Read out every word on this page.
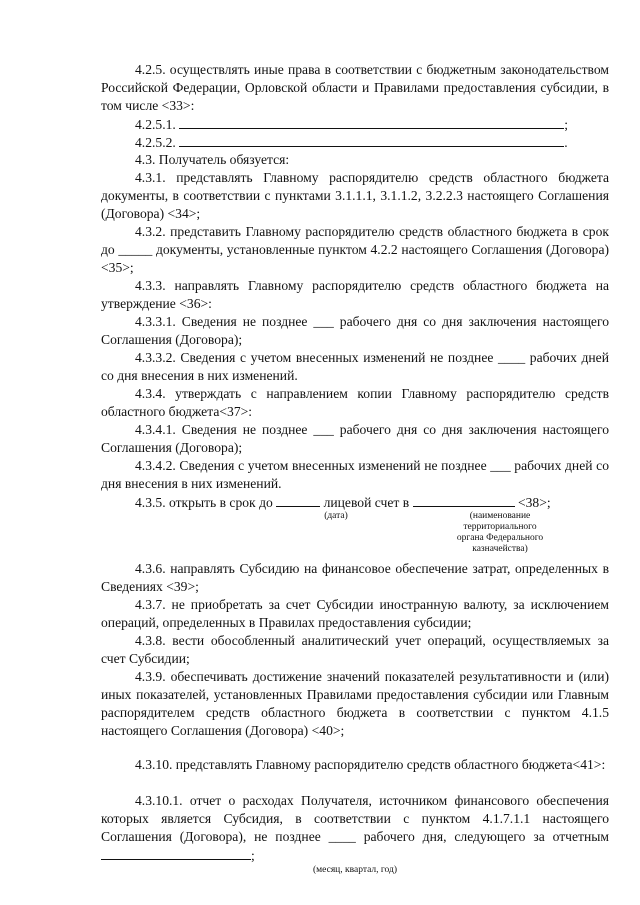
4.2.5. осуществлять иные права в соответствии с бюджетным законодательством Российской Федерации, Орловской области и Правилами предоставления субсидии, в том числе <33>:
4.2.5.1.	;
4.2.5.2.	.
4.3. Получатель обязуется:
4.3.1. представлять Главному распорядителю средств областного бюджета документы, в соответствии с пунктами 3.1.1.1, 3.1.1.2, 3.2.2.3 настоящего Соглашения (Договора) <34>;
4.3.2. представить Главному распорядителю средств областного бюджета в срок до _____ документы, установленные пунктом 4.2.2 настоящего Соглашения (Договора) <35>;
4.3.3. направлять Главному распорядителю средств областного бюджета на утверждение <36>:
4.3.3.1. Сведения не позднее ___ рабочего дня со дня заключения настоящего Соглашения (Договора);
4.3.3.2. Сведения с учетом внесенных изменений не позднее ____ рабочих дней со дня внесения в них изменений.
4.3.4. утверждать с направлением копии Главному распорядителю средств областного бюджета<37>:
4.3.4.1. Сведения не позднее ___ рабочего дня со дня заключения настоящего Соглашения (Договора);
4.3.4.2. Сведения с учетом внесенных изменений не позднее ___ рабочих дней со дня внесения в них изменений.
4.3.5. открыть в срок до	лицевой счет в	<38>;
(дата)	(наименование
территориального
органа Федерального
казначейства)
4.3.6. направлять Субсидию на финансовое обеспечение затрат, определенных в Сведениях <39>;
4.3.7. не приобретать за счет Субсидии иностранную валюту, за исключением операций, определенных в Правилах предоставления субсидии;
4.3.8. вести обособленный аналитический учет операций, осуществляемых за счет Субсидии;
4.3.9. обеспечивать достижение значений показателей результативности и (или) иных показателей, установленных Правилами предоставления субсидии или Главным распорядителем средств областного бюджета в соответствии с пунктом 4.1.5 настоящего Соглашения (Договора) <40>;
4.3.10. представлять Главному распорядителю средств областного бюджета<41>:
4.3.10.1. отчет о расходах Получателя, источником финансового обеспечения которых является Субсидия, в соответствии с пунктом 4.1.7.1.1 настоящего Соглашения (Договора), не позднее ____ рабочего дня, следующего за отчетным ;
(месяц, квартал, год)
